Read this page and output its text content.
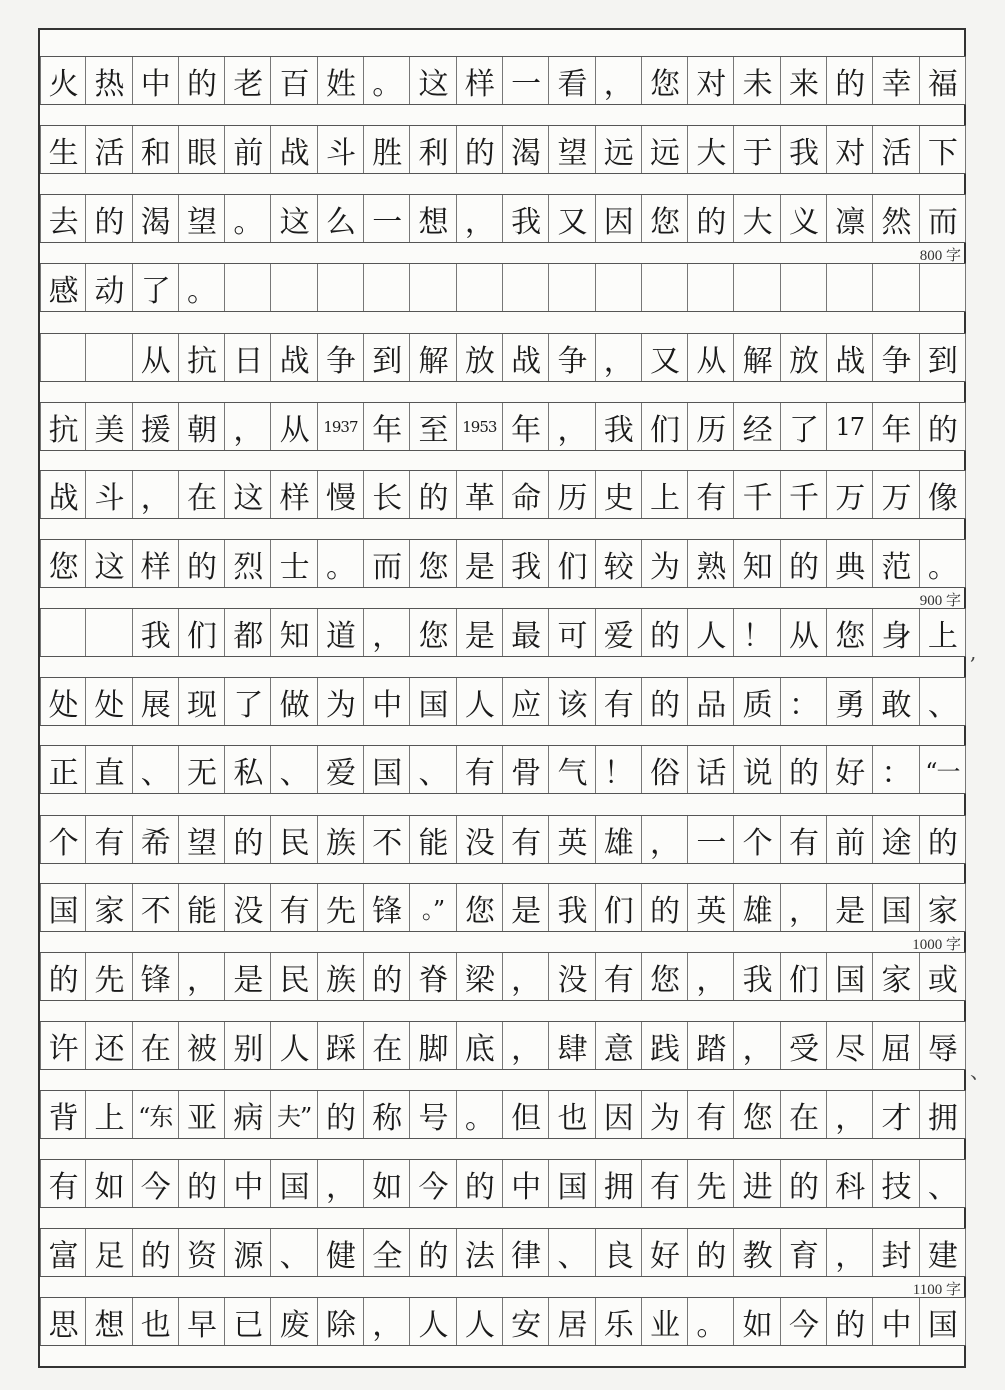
火 热 中 的 老 百 姓 。 这 样 一 看 ， 您 对 未 来 的 幸 福
生 活 和 眼 前 战 斗 胜 利 的 渴 望 远 远 大 于 我 对 活 下
去 的 渴 望 。 这 么 一 想 ， 我 又 因 您 的 大 义 凛 然 而
感 动 了 。
从 抗 日 战 争 到 解 放 战 争 ， 又 从 解 放 战 争 到
抗 美 援 朝 ， 从 1937 年 至 1953 年 ， 我 们 历 经 了 17 年 的
战 斗 ， 在 这 样 慢 长 的 革 命 历 史 上 有 千 千 万 万 像
您 这 样 的 烈 士 。 而 您 是 我 们 较 为 熟 知 的 典 范 。
我 们 都 知 道 ， 您 是 最 可 爱 的 人 ！ 从 您 身 上
处 处 展 现 了 做 为 中 国 人 应 该 有 的 品 质 ： 勇 敢 、
正 直 、 无 私 、 爱 国 、 有 骨 气 ！ 俗 话 说 的 好 ： “一
个 有 希 望 的 民 族 不 能 没 有 英 雄 ， 一 个 有 前 途 的
国 家 不 能 没 有 先 锋 。” 您 是 我 们 的 英 雄 ， 是 国 家
的 先 锋 ， 是 民 族 的 脊 梁 ， 没 有 您 ， 我 们 国 家 或
许 还 在 被 别 人 踩 在 脚 底 ， 肆 意 践 踏 ， 受 尽 屈 辱
背 上 “东 亚 病 夫” 的 称 号 。 但 也 因 为 有 您 在 ， 才 拥
有 如 今 的 中 国 ， 如 今 的 中 国 拥 有 先 进 的 科 技 、
富 足 的 资 源 、 健 全 的 法 律 、 良 好 的 教 育 ， 封 建
思 想 也 早 已 废 除 ， 人 人 安 居 乐 业 。 如 今 的 中 国
800 字
900 字
1000 字
1100 字
,
、
